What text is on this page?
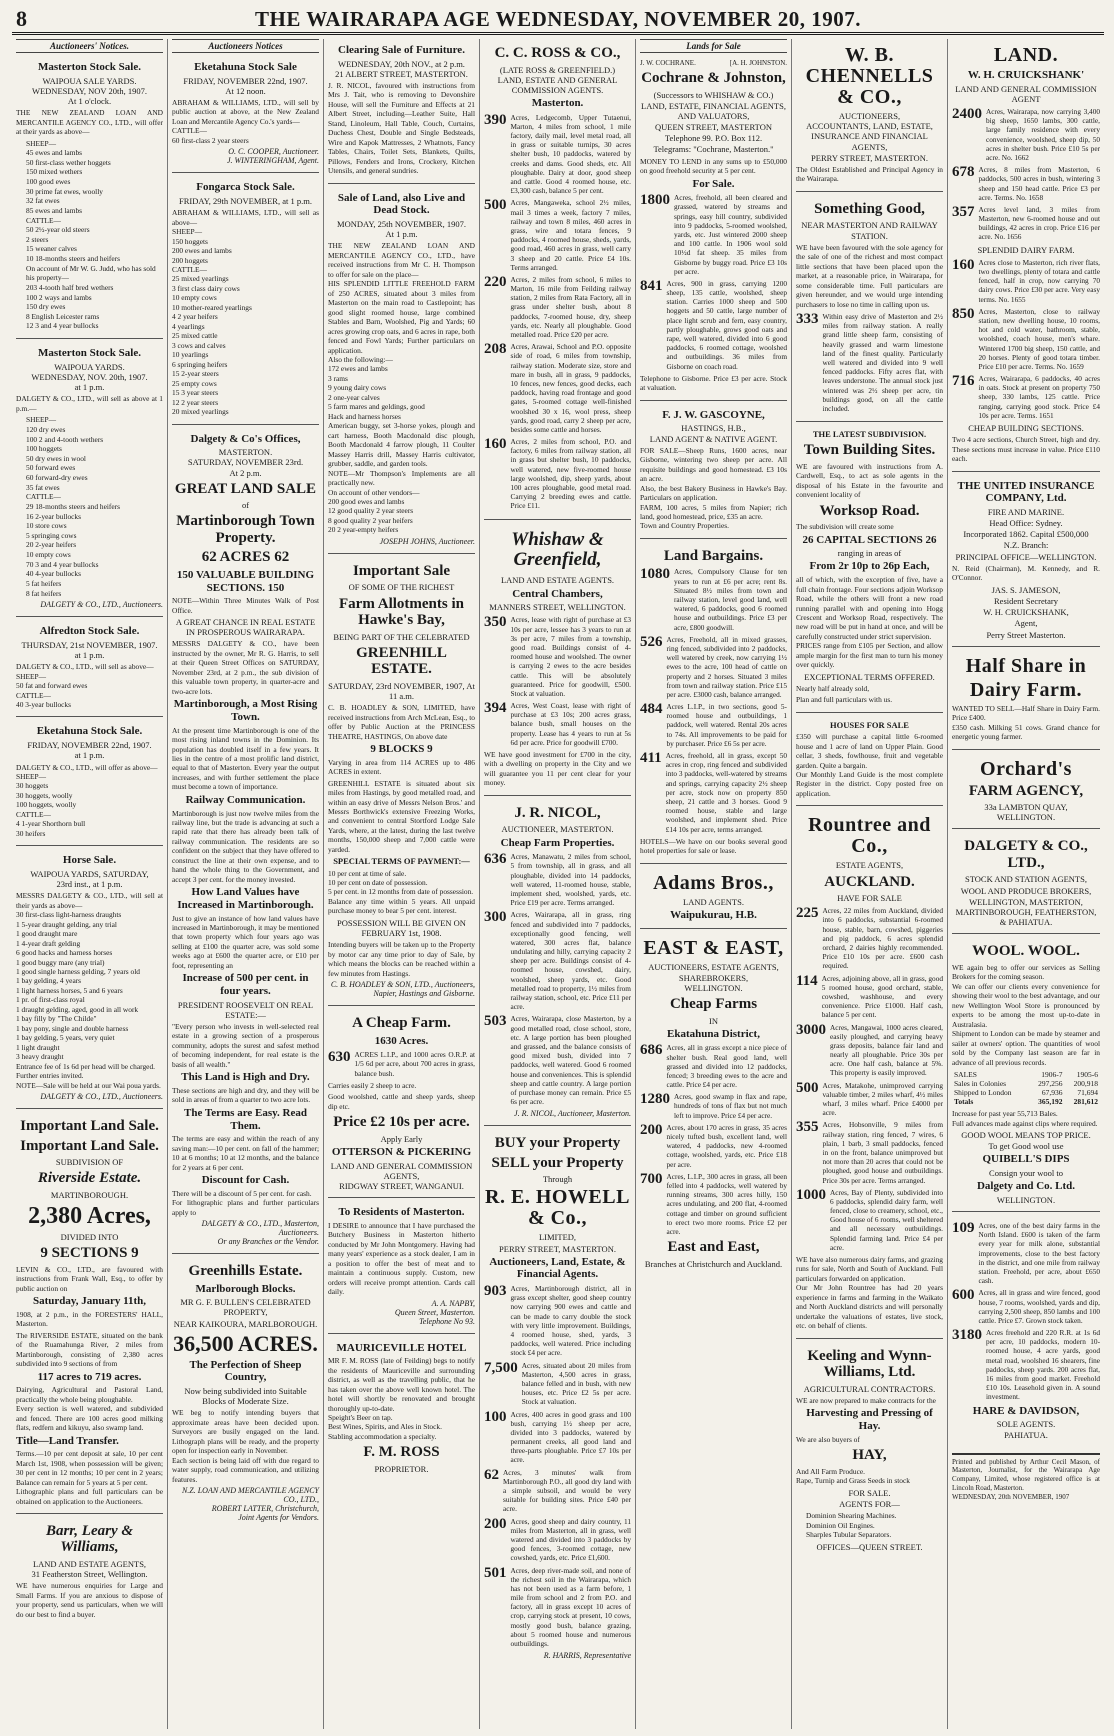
8	THE WAIRARAPA AGE WEDNESDAY, NOVEMBER 20, 1907.
Auctioneers' Notices.
Masterton Stock Sale.
WAIPOUA SALE YARDS.
WEDNESDAY, NOV 20th, 1907.
At 1 o'clock.
THE NEW ZEALAND LOAN AND MERCANTILE AGENCY CO., LTD., will offer at their yards as above—
SHEEP—
45 ewes and lambs
50 first-class wether hoggets
150 mixed wethers
100 good ewes
30 prime fat ewes, woolly
32 fat ewes
85 ewes and lambs
CATTLE—
50 2½-year old steers
2 steers
15 weaner calves
10 18-months steers and heifers
On account of Mr W. G. Judd, who has sold his property—
203 4-tooth half bred wethers
100 2 ways and lambs
150 dry ewes
8 English Leicester rams
12 3 and 4 year bullocks
Masterton Stock Sale.
WAIPOUA YARDS.
WEDNESDAY, NOV. 20th, 1907.
at 1 p.m.
DALGETY & CO., LTD., will sell as above at 1 p.m.—
SHEEP—
120 dry ewes
100 2 and 4-tooth wethers
100 hoggets
50 dry ewes in wool
50 forward ewes
60 forward-dry ewes
35 fat ewes
CATTLE—
29 18-months steers and heifers
16 2-year bullocks
10 store cows
5 springing cows
20 2-year heifers
10 empty cows
70 3 and 4 year bullocks
40 4-year bullocks
5 fat heifers
8 fat heifers
DALGETY & CO., LTD., Auctioneers.
Alfredton Stock Sale.
THURSDAY, 21st NOVEMBER, 1907.
at 1 p.m.
DALGETY & CO., LTD., will sell as above—
SHEEP—
50 fat and forward ewes
CATTLE—
40 3-year bullocks
Eketahuna Stock Sale.
FRIDAY, NOVEMBER 22nd, 1907.
at 1 p.m.
DALGETY & CO., LTD., will offer as above—
SHEEP—
30 hoggets
30 hoggets, woolly
100 hoggets, woolly
CATTLE—
4 1-year Shorthorn bull
30 heifers
Horse Sale.
WAIPOUA YARDS, SATURDAY,
23rd inst., at 1 p.m.
MESSRS DALGETY & CO., LTD., will sell at their yards as above—
30 first-class light-harness draughts
1 5-year draught gelding, any trial
1 good draught mare
1 4-year draft gelding
6 good hacks and harness horses
1 good buggy mare (any trial)
1 good single harness gelding, 7 years old
1 bay gelding, 4 years
1 light harness horses, 5 and 6 years
1 pr. of first-class royal
1 draught gelding, aged, good in all work
1 bay filly by "The Childe"
1 bay pony, single and double harness
1 bay gelding, 5 years, very quiet
1 light draught
3 heavy draught
Entrance fee of 1s 6d per head will be charged.
Further entries invited.
NOTE—Sale will be held at our Wai poua yards.
DALGETY & CO., LTD., Auctioneers.
Important Land Sale.
Important Land Sale.
SUBDIVISION OF
Riverside Estate.
MARTINBOROUGH.
2,380 Acres,
DIVIDED INTO
9 SECTIONS 9
LEVIN & CO., LTD., are favoured with instructions from Frank Wall, Esq., to offer by public auction on
Saturday, January 11th,
1908, at 2 p.m., in the FORESTERS' HALL, Masterton.
The RIVERSIDE ESTATE, situated on the bank of the Ruamahunga River, 2 miles from Martinborough, consisting of 2,380 acres subdivided into 9 sections of from
117 acres to 719 acres.
Dairying, Agricultural and Pastoral Land, practically the whole being ploughable.
Every section is well watered, and subdivided and fenced. There are 100 acres good milking flats, redfern and kikuyu, also swamp land.
Title—Land Transfer.
Terms.—10 per cent deposit at sale, 10 per cent March 1st, 1908, when possession will be given; 30 per cent in 12 months; 10 per cent in 2 years; Balance can remain for 5 years at 5 per cent.
Lithographic plans and full particulars can be obtained on application to the Auctioneers.
Barr, Leary & Williams,
LAND AND ESTATE AGENTS,
31 Featherston Street, Wellington.
WE have numerous enquiries for Large and Small Farms. If you are anxious to dispose of your property, send us particulars, when we will do our best to find a buyer.
Auctioneers Notices
Eketahuna Stock Sale
FRIDAY, NOVEMBER 22nd, 1907.
At 12 noon.
ABRAHAM & WILLIAMS, LTD., will sell by public auction at above, at the New Zealand Loan and Mercantile Agency Co.'s yards—
CATTLE—
60 first-class 2 year steers
O. C. COOPER, Auctioneer.
J. WINTERINGHAM, Agent.
Fongarca Stock Sale.
FRIDAY, 29th NOVEMBER, at 1 p.m.
ABRAHAM & WILLIAMS, LTD., will sell as above—
SHEEP—
150 hoggets
200 ewes and lambs
200 hoggets
CATTLE—
25 mixed yearlings
3 first class dairy cows
10 empty cows
10 mother-reared yearlings
4 2 year heifers
4 yearlings
25 mixed cattle
3 cows and calves
10 yearlings
6 springing heifers
15 2-year steers
25 empty cows
15 3 year steers
12 2 year steers
20 mixed yearlings
Dalgety & Co's Offices,
MASTERTON.
SATURDAY, NOVEMBER 23rd.
At 2 p.m.
GREAT LAND SALE
of
Martinborough Town Property.
62 ACRES 62
150 VALUABLE BUILDING SECTIONS. 150
NOTE—Within Three Minutes Walk of Post Office.
A GREAT CHANCE IN REAL ESTATE IN PROSPEROUS WAIRARAPA.
MESSRS DALGETY & CO., have been instructed by the owner, Mr R. G. Harris, to sell at their Queen Street Offices on SATURDAY, November 23rd, at 2 p.m., the sub division of this valuable town property, in quarter-acre and two-acre lots.
Martinborough, a Most Rising Town.
At the present time Martinborough is one of the most rising inland towns in the Dominion. Its population has doubled itself in a few years. It lies in the centre of a most prolific land district, equal to that of Masterton. Every year the output increases, and with further settlement the place must become a town of importance.
Railway Communication.
Martinborough is just now twelve miles from the railway line, but the trade is advancing at such a rapid rate that there has already been talk of railway communication. The residents are so confident on the subject that they have offered to construct the line at their own expense, and to hand the whole thing to the Government, and accept 3 per cent. for the money invested.
How Land Values have Increased in Martinborough.
Just to give an instance of how land values have increased in Martinborough, it may be mentioned that town property which four years ago was selling at £100 the quarter acre, was sold some weeks ago at £600 the quarter acre, or £10 per foot, representing an
Increase of 500 per cent. in four years.
PRESIDENT ROOSEVELT ON REAL ESTATE:—
"Every person who invests in well-selected real estate in a growing section of a prosperous community, adopts the surest and safest method of becoming independent, for real estate is the basis of all wealth."
This Land is High and Dry.
These sections are high and dry, and they will be sold in areas of from a quarter to two acre lots.
The Terms are Easy. Read Them.
The terms are easy and within the reach of any saving man:—10 per cent. on fall of the hammer; 10 at 6 months; 10 at 12 months, and the balance for 2 years at 6 per cent.
Discount for Cash.
There will be a discount of 5 per cent. for cash.
For lithographic plans and further particulars apply to
DALGETY & CO., LTD., Masterton, Auctioneers.
Or any Branches or the Vendor.
Greenhills Estate.
Marlborough Blocks.
MR G. F. BULLEN'S CELEBRATED PROPERTY,
NEAR KAIKOURA, MARLBOROUGH.
36,500 ACRES.
The Perfection of Sheep Country,
Now being subdivided into Suitable Blocks of Moderate Size.
WE beg to notify intending buyers that approximate areas have been decided upon. Surveyors are busily engaged on the land. Lithograph plans will be ready, and the property open for inspection early in November.
Each section is being laid off with due regard to water supply, road communication, and utilizing features.
N.Z. LOAN AND MERCANTILE AGENCY CO., LTD.,
ROBERT LATTER, Christchurch,
Joint Agents for Vendors.
Clearing Sale of Furniture.
WEDNESDAY, 20th NOV., at 2 p.m.
21 ALBERT STREET, MASTERTON.
J. R. NICOL, favoured with instructions from Mrs J. Tait, who is removing to Devonshire House, will sell the Furniture and Effects at 21 Albert Street, including—Leather Suite, Hall Stand, Linoleum, Hall Table, Couch, Curtains, Duchess Chest, Double and Single Bedsteads, Wire and Kapok Mattresses, 2 Whatnots, Fancy Tables, Chairs, Toilet Sets, Blankets, Quilts, Pillows, Fenders and Irons, Crockery, Kitchen Utensils, and general sundries.
Sale of Land, also Live and Dead Stock.
MONDAY, 25th NOVEMBER, 1907.
At 1 p.m.
THE NEW ZEALAND LOAN AND MERCANTILE AGENCY CO., LTD., have received instructions from Mr C. H. Thompson to offer for sale on the place—
HIS SPLENDID LITTLE FREEHOLD FARM of 250 ACRES, situated about 3 miles from Masterton on the main road to Castlepoint; has good slight roomed house, large combined Stables and Barn, Woolshed, Pig and Yards; 60 acres growing crop oats, and 6 acres in rape, both fenced and Fowl Yards; Further particulars on application.
Also the following:—
172 ewes and lambs
3 rams
9 young dairy cows
2 one-year calves
5 farm mares and geldings, good
Hack and harness horses
American buggy, set 3-horse yokes, plough and cart harness, Booth Macdonald disc plough, Booth Macdonald 4 farrow plough, 11 Coulter Massey Harris drill, Massey Harris cultivator, grubber, saddle, and garden tools.
NOTE—Mr Thompson's Implements are all practically new.
On account of other vendors—
200 good ewes and lambs
12 good quality 2 year steers
8 good quality 2 year heifers
20 2 year-empty heifers
JOSEPH JOHNS, Auctioneer.
Important Sale
OF SOME OF THE RICHEST
Farm Allotments in Hawke's Bay,
BEING PART OF THE CELEBRATED
GREENHILL ESTATE.
SATURDAY, 23rd NOVEMBER, 1907, At 11 a.m.
C. B. HOADLEY & SON, LIMITED, have received instructions from Arch McLean, Esq., to offer by Public Auction at the PRINCESS THEATRE, HASTINGS, On above date
9 BLOCKS 9
Varying in area from 114 ACRES up to 486 ACRES in extent.
GREENHILL ESTATE is situated about six miles from Hastings, by good metalled road, and within an easy drive of Messrs Nelson Bros.' and Messrs Borthwick's extensive Freezing Works, and convenient to central Stortford Lodge Sale Yards, where, at the latest, during the last twelve months, 150,000 sheep and 7,000 cattle were yarded.
SPECIAL TERMS OF PAYMENT:—
10 per cent at time of sale.
10 per cent on date of possession.
5 per cent. in 12 months from date of possession.
Balance any time within 5 years. All unpaid purchase money to bear 5 per cent. interest.
POSSESSION WILL BE GIVEN ON FEBRUARY 1st, 1908.
Intending buyers will be taken up to the Property by motor car any time prior to day of Sale, by which means the blocks can be reached within a few minutes from Hastings.
C. B. HOADLEY & SON, LTD., Auctioneers,
Napier, Hastings and Gisborne.
A Cheap Farm.
1630 Acres.
630 ACRES L.I.P., and 1000 acres O.R.P. at 1/5 6d per acre, about 700 acres in grass, balance bush.
Carries easily 2 sheep to acre.
Good woolshed, cattle and sheep yards, sheep dip etc.
Price £2 10s per acre.
Apply Early
OTTERSON & PICKERING
LAND AND GENERAL COMMISSION AGENTS,
RIDGWAY STREET, WANGANUI.
To Residents of Masterton.
I DESIRE to announce that I have purchased the Butchery Business in Masterton hitherto conducted by Mr John Montgomery. Having had many years' experience as a stock dealer, I am in a position to offer the best of meat and to maintain a continuous supply. Custom, new orders will receive prompt attention. Cards call daily.
A. A. NAPBY,
Queen Street, Masterton.
Telephone No 93.
MAURICEVILLE HOTEL
MR F. M. ROSS (late of Feilding) begs to notify the residents of Mauriceville and surrounding district, as well as the travelling public, that he has taken over the above well known hotel. The hotel will shortly be renovated and brought thoroughly up-to-date.
Speight's Beer on tap.
Best Wines, Spirits, and Ales in Stock.
Stabling accommodation a specialty.
F. M. ROSS
PROPRIETOR.
C. C. ROSS & CO.,
(LATE ROSS & GREENFIELD.)
LAND, ESTATE AND GENERAL COMMISSION AGENTS.
Masterton.
390 Acres, Ledgecomb, Upper Tutaenui, Marton, 4 miles from school, 1 mile factory, daily mail, level metal road, all in grass or suitable turnips, 30 acres shelter bush, 10 paddocks, watered by creeks and dams. Good sheds, etc. All ploughable. Dairy at door, good sheep and cattle. Good 4 roomed house, etc. £3,300 cash, balance 5 per cent.
500 Acres, Mangaweka, school 2½ miles, mail 3 times a week, factory 7 miles, railway and town 8 miles, 460 acres in grass, wire and totara fences, 9 paddocks, 4 roomed house, sheds, yards, good road, 460 acres in grass, well carry 3 sheep and 20 cattle. Price £4 10s. Terms arranged.
220 Acres, 2 miles from school, 6 miles to Marton, 16 mile from Feilding railway station, 2 miles from Rata Factory, all in grass under shelter bush, about 8 paddocks, 7-roomed house, dry, sheep yards, etc. Nearly all ploughable. Good metalled road. Price £20 per acre.
208 Acres, Arawai, School and P.O. opposite side of road, 6 miles from township, railway station. Moderate size, store and mare in bush, all in grass, 9 paddocks, 10 fences, new fences, good decks, each paddock, having road frontage and good gates, 5-roomed cottage well-finished woolshed 30 x 16, wool press, sheep yards, good road, carry 2 sheep per acre, besides some cattle and horses.
160 Acres, 2 miles from school, P.O. and factory, 6 miles from railway station, all in grass but shelter bush, 10 paddocks, well watered, new five-roomed house large woolshed, dip, sheep yards, about 100 acres ploughable, good metal road. Carrying 2 breeding ewes and cattle. Price £11.
Whishaw & Greenfield,
LAND AND ESTATE AGENTS.
Central Chambers,
MANNERS STREET, WELLINGTON.
350 Acres, lease with right of purchase at £3 10s per acre, lessee has 3 years to run at 3s per acre, 7 miles from a township, good road. Buildings consist of 4-roomed house and woolshed. The owner is carrying 2 ewes to the acre besides cattle. This will be absolutely guaranteed. Price for goodwill, £500. Stock at valuation.
394 Acres, West Coast, lease with right of purchase at £3 10s; 200 acres grass, balance bush, small houses on the property. Lease has 4 years to run at 5s 6d per acre. Price for goodwill £700.
WE have good investment for £700 in the city, with a dwelling on property in the City and we will guarantee you 11 per cent clear for your money.
J. R. NICOL,
AUCTIONEER, MASTERTON.
Cheap Farm Properties.
636 Acres, Manawatu, 2 miles from school, 5 from township, all in grass, and all ploughable, divided into 14 paddocks, well watered, 11-roomed house, stable, implement shed, woolshed, yards, etc. Price £19 per acre. Terms arranged.
300 Acres, Wairarapa, all in grass, ring fenced and subdivided into 7 paddocks, exceptionally good fencing, well watered, 300 acres flat, balance undulating and hilly, carrying capacity 2 sheep per acre. Buildings consist of 4-roomed house, cowshed, dairy, woolshed, sheep yards, etc. Good metalled road to property, 1½ miles from railway station, school, etc. Price £11 per acre.
503 Acres, Wairarapa, close Masterton, by a good metalled road, close school, store, etc. A large portion has been ploughed and grassed, and the balance consists of good mixed bush, divided into 7 paddocks, well watered. Good 6 roomed house and conveniences. This is splendid sheep and cattle country. A large portion of purchase money can remain. Price £5 6s per acre.
J. R. NICOL, Auctioneer, Masterton.
BUY your Property
SELL your Property
Through
R. E. HOWELL & Co.,
LIMITED,
PERRY STREET, MASTERTON.
Auctioneers, Land, Estate, & Financial Agents.
903 Acres, Martinborough district, all in grass except shelter, good sheep country now carrying 900 ewes and cattle and can be made to carry double the stock with very little improvement. Buildings, 4 roomed house, shed, yards, 3 paddocks, well watered. Price including stock £4 per acre.
7,500 Acres, situated about 20 miles from Masterton, 4,500 acres in grass, balance felled and in bush, with new houses, etc. Price £2 5s per acre. Stock at valuation.
100 Acres, 400 acres in good grass and 100 bush, carrying 1½ sheep per acre, divided into 3 paddocks, watered by permanent creeks, all good land and three-parts ploughable. Price £7 10s per acre.
62 Acres, 3 minutes' walk from Martinborough P.O., all good dry land with a simple subsoil, and would be very suitable for building sites. Price £40 per acre.
200 Acres, good sheep and dairy country, 11 miles from Masterton, all in grass, well watered and divided into 3 paddocks by good fences, 3-roomed cottage, new cowshed, yards, etc. Price £1,600.
501 Acres, deep river-made soil, and none of the richest soil in the Wairarapa, which has not been used as a farm before, 1 mile from school and 2 from P.O. and factory, all in grass except 10 acres of crop, carrying stock at present, 10 cows, mostly good bush, balance grazing, about 5 roomed house and numerous outbuildings.
R. HARRIS, Representative
Lands for Sale
J. W. COCHRANE.	[A. H. JOHNSTON.
Cochrane & Johnston,
(Successors to WHISHAW & CO.)
LAND, ESTATE, FINANCIAL AGENTS, AND VALUATORS,
QUEEN STREET, MASTERTON
Telephone 99. P.O. Box 112.
Telegrams: "Cochrane, Masterton."
MONEY TO LEND in any sums up to £50,000 on good freehold security at 5 per cent.
For Sale.
1800 Acres, freehold, all been cleared and grassed, watered by streams and springs, easy hill country, subdivided into 9 paddocks, 5-roomed woolshed, yards, etc. Just wintered 2000 sheep and 100 cattle. In 1906 wool sold 10½d fat sheep. 35 miles from Gisborne by buggy road. Price £3 10s per acre.
841 Acres, 900 in grass, carrying 1200 sheep, 135 cattle, woolshed, sheep station. Carries 1000 sheep and 500 hoggets and 50 cattle, large number of place light scrub and fern, easy country, partly ploughable, grows good oats and rape, well watered, divided into 6 good paddocks, 6 roomed cottage, woolshed and outbuildings. 36 miles from Gisborne on coach road.
Telephone to Gisborne. Price £3 per acre. Stock at valuation.
F. J. W. GASCOYNE,
HASTINGS, H.B.,
LAND AGENT & NATIVE AGENT.
FOR SALE—Sheep Runs, 1600 acres, near Gisborne, wintering two sheep per acre. All requisite buildings and good homestead. £3 10s an acre.
Also, the best Bakery Business in Hawke's Bay. Particulars on application.
FARM, 100 acres, 5 miles from Napier; rich land, good homestead, price, £35 an acre.
Town and Country Properties.
Land Bargains.
1080 Acres, Compulsory Clause for ten years to run at £6 per acre; rent 8s. Situated 8½ miles from town and railway station, level good land, well watered, 6 paddocks, good 6 roomed house and outbuildings. Price £3 per acre, £800 goodwill.
526 Acres, Freehold, all in mixed grasses, ring fenced, subdivided into 2 paddocks, well watered by creek, now carrying 1½ ewes to the acre, 100 head of cattle on property and 2 horses. Situated 3 miles from town and railway station. Price £15 per acre. £3000 cash, balance arranged.
484 Acres L.I.P., in two sections, good 5-roomed house and outbuildings, 1 paddock, well watered. Rental 20s acres to 74s. All improvements to be paid for by purchaser. Price £6 5s per acre.
411 Acres, freehold, all in grass, except 50 acres in crop, ring fenced and subdivided into 3 paddocks, well-watered by streams and springs, carrying capacity 2½ sheep per acre, stock now on property 850 sheep, 21 cattle and 3 horses. Good 9 roomed house, stable and large woolshed, and implement shed. Price £14 10s per acre, terms arranged.
HOTELS—We have on our books several good hotel properties for sale or lease.
Adams Bros.,
LAND AGENTS.
Waipukurau, H.B.
EAST & EAST,
AUCTIONEERS, ESTATE AGENTS, SHAREBROKERS,
WELLINGTON.
Cheap Farms
IN
Ekatahuna District,
686 Acres, all in grass except a nice piece of shelter bush. Real good land, well grassed and divided into 12 paddocks, fenced; 3 breeding ewes to the acre and cattle. Price £4 per acre.
1280 Acres, good swamp in flax and rape, hundreds of tons of flax but not much left to improve. Price £4 per acre.
200 Acres, about 170 acres in grass, 35 acres nicely tufted bush, excellent land, well watered, 4 paddocks, new 4-roomed cottage, woolshed, yards, etc. Price £18 per acre.
700 Acres, L.I.P., 300 acres in grass, all been felled into 4 paddocks, well watered by running streams, 300 acres hilly, 150 acres undulating, and 200 flat, 4-roomed cottage and timber on ground sufficient to erect two more rooms. Price £2 per acre.
East and East,
Branches at Christchurch and Auckland.
W. B. CHENNELLS & CO.,
AUCTIONEERS,
ACCOUNTANTS, LAND, ESTATE, INSURANCE AND FINANCIAL AGENTS,
PERRY STREET, MASTERTON.
The Oldest Established and Principal Agency in the Wairarapa.
Something Good,
NEAR MASTERTON AND RAILWAY STATION.
WE have been favoured with the sole agency for the sale of one of the richest and most compact little sections that have been placed upon the market, at a reasonable price, in Wairarapa, for some considerable time. Full particulars are given hereunder, and we would urge intending purchasers to lose no time in calling upon us.
333 Within easy drive of Masterton and 2½ miles from railway station. A really grand little sheep farm, consisting of heavily grassed and warm limestone land of the finest quality. Particularly well watered and divided into 9 well fenced paddocks. Fifty acres flat, with leaves understone. The annual stock just wintered was 2½ sheep per acre, tin buildings good, on all the cattle included.
THE LATEST SUBDIVISION.
Town Building Sites.
WE are favoured with instructions from A. Cardwell, Esq., to act as sole agents in the disposal of his Estate in the favourite and convenient locality of
Worksop Road.
The subdivision will create some
26 CAPITAL SECTIONS 26
ranging in areas of
From 2r 10p to 26p Each,
all of which, with the exception of five, have a full chain frontage. Four sections adjoin Worksop Road, while the others will front a new road running parallel with and opening into Hogg Crescent and Worksop Road, respectively. The new road will be put in hand at once, and will be carefully constructed under strict supervision.
PRICES range from £105 per Section, and allow ample margin for the first man to turn his money over quickly.
EXCEPTIONAL TERMS OFFERED.
Nearly half already sold,
Plan and full particulars with us.
HOUSES FOR SALE
£350 will purchase a capital little 6-roomed house and 1 acre of land on Upper Plain. Good cellar, 3 sheds, fowlhouse, fruit and vegetable garden. Quite a bargain.
Our Monthly Land Guide is the most complete Register in the district. Copy posted free on application.
Rountree and Co.,
ESTATE AGENTS,
AUCKLAND.
HAVE FOR SALE
225 Acres, 22 miles from Auckland, divided into 6 paddocks, substantial 6-roomed house, stable, barn, cowshed, piggeries and pig paddock, 6 acres splendid orchard, 2 dairies highly recommended. Price £10 10s per acre. £600 cash required.
114 Acres, adjoining above, all in grass, good 5 roomed house, good orchard, stable, cowshed, washhouse, and every convenience. Price £1000. Half cash, balance 5 per cent.
3000 Acres, Mangawai, 1000 acres cleared, easily ploughed, and carrying heavy grass deposits, balance fair land and nearly all ploughable. Price 30s per acre. One half cash, balance at 5%. This property is easily improved.
500 Acres, Matakohe, unimproved carrying valuable timber, 2 miles wharf, 4½ miles wharf, 3 miles wharf. Price £4000 per acre.
355 Acres, Hobsonville, 9 miles from railway station, ring fenced, 7 wires, 6 plain, 1 barb, 3 small paddocks, fenced in on the front, balance unimproved but not more than 20 acres that could not be ploughed, good house and outbuildings. Price 30s per acre. Terms arranged.
1000 Acres, Bay of Plenty, subdivided into 6 paddocks, splendid dairy farm, well fenced, close to creamery, school, etc., Good house of 6 rooms, well sheltered and all necessary outbuildings. Splendid farming land. Price £4 per acre.
WE have also numerous dairy farms, and grazing runs for sale, North and South of Auckland. Full particulars forwarded on application.
Our Mr John Rountree has had 20 years experience in farms and farming in the Waikato and North Auckland districts and will personally undertake the valuations of estates, live stock, etc. on behalf of clients.
Keeling and Wynn-Williams, Ltd.
AGRICULTURAL CONTRACTORS.
WE are now prepared to make contracts for the
Harvesting and Pressing of Hay.
We are also buyers of
HAY,
And All Farm Produce.
Rape, Turnip and Grass Seeds in stock
FOR SALE.
AGENTS FOR—
Dominion Shearing Machines.
Dominion Oil Engines.
Sharples Tubular Separators.
OFFICES—QUEEN STREET.
LAND.
W. H. CRUICKSHANK'
LAND AND GENERAL COMMISSION AGENT
2400 Acres, Wairarapa, now carrying 3,400 big sheep, 1650 lambs, 300 cattle, large family residence with every convenience, woolshed, sheep dip, 50 acres in shelter bush. Price £10 5s per acre. No. 1662
678 Acres, 8 miles from Masterton, 6 paddocks, 500 acres in bush, wintering 3 sheep and 150 head cattle. Price £3 per acre. Terms. No. 1658
357 Acres level land, 3 miles from Masterton, new 6-roomed house and out buildings, 42 acres in crop. Price £16 per acre. No. 1656
SPLENDID DAIRY FARM.
160 Acres close to Masterton, rich river flats, two dwellings, plenty of totara and cattle fenced, half in crop, now carrying 70 dairy cows. Price £30 per acre. Very easy terms. No. 1655
850 Acres, Masterton, close to railway station, new dwelling house, 10 rooms, hot and cold water, bathroom, stable, woolshed, coach house, men's whare. Wintered 1700 big sheep, 150 cattle, and 20 horses. Plenty of good totara timber. Price £10 per acre. Terms. No. 1659
716 Acres, Wairarapa, 6 paddocks, 40 acres in oats. Stock at present on property 750 sheep, 330 lambs, 125 cattle. Price ranging, carrying good stock. Price £4 10s per acre. Terms. 1651
CHEAP BUILDING SECTIONS.
Two 4 acre sections, Church Street, high and dry. These sections must increase in value. Price £110 each.
THE UNITED INSURANCE COMPANY, Ltd.
FIRE AND MARINE.
Head Office: Sydney.
Incorporated 1862. Capital £500,000
N.Z. Branch:
PRINCIPAL OFFICE—WELLINGTON.
N. Reid (Chairman), M. Kennedy, and R. O'Connor.
JAS. S. JAMESON,
Resident Secretary
W. H. CRUICKSHANK,
Agent,
Perry Street Masterton.
Half Share in
Dairy Farm.
WANTED TO SELL—Half Share in Dairy Farm. Price £400.
£350 cash. Milking 51 cows. Grand chance for energetic young farmer.
Orchard's
FARM AGENCY,
33a LAMBTON QUAY,
WELLINGTON.
DALGETY & CO., LTD.,
STOCK AND STATION AGENTS,
WOOL AND PRODUCE BROKERS,
WELLINGTON, MASTERTON, MARTINBOROUGH, FEATHERSTON, & PAHIATUA.
WOOL. WOOL.
WE again beg to offer our services as Selling Brokers for the coming season.
We can offer our clients every convenience for showing their wool to the best advantage, and our new Wellington Wool Store is pronounced by experts to be among the most up-to-date in Australasia.
Shipment to London can be made by steamer and sailer at owners' option. The quantities of wool sold by the Company last season are far in advance of all previous records.
SALES	1906-7	1905-6
Sales in Colonies	297,256	200,918
Shipped to London	67,936	71,694
Totals	365,192	281,612
Increase for past year 55,713 Bales.
Full advances made against clips where required.
GOOD WOOL MEANS TOP PRICE.
To get Good wool use
QUIBELL'S DIPS
Consign your wool to
Dalgety and Co. Ltd.
WELLINGTON.
109 Acres, one of the best dairy farms in the North Island. £600 is taken of the farm every year for milk alone, substantial improvements, close to the best factory in the district, and one mile from railway station. Freehold, per acre, about £650 cash.
600 Acres, all in grass and wire fenced, good house, 7 rooms, woolshed, yards and dip, carrying 2,500 sheep, 850 lambs and 100 cattle. Price £7. Grown stock taken.
3180 Acres freehold and 220 R.R. at 1s 6d per acre, 10 paddocks, modern 10-roomed house, 4 acre yards, good metal road, woolshed 16 shearers, fine paddocks, sheep yards. 200 acres flat, 16 miles from good market. Freehold £10 10s. Leasehold given in. A sound investment.
HARE & DAVIDSON,
SOLE AGENTS.
PAHIATUA.
Printed and published by Arthur Cecil Mason, of Masterton, Journalist, for the Wairarapa Age Company, Limited, whose registered office is at Lincoln Road, Masterton.
WEDNESDAY, 20th NOVEMBER, 1907
